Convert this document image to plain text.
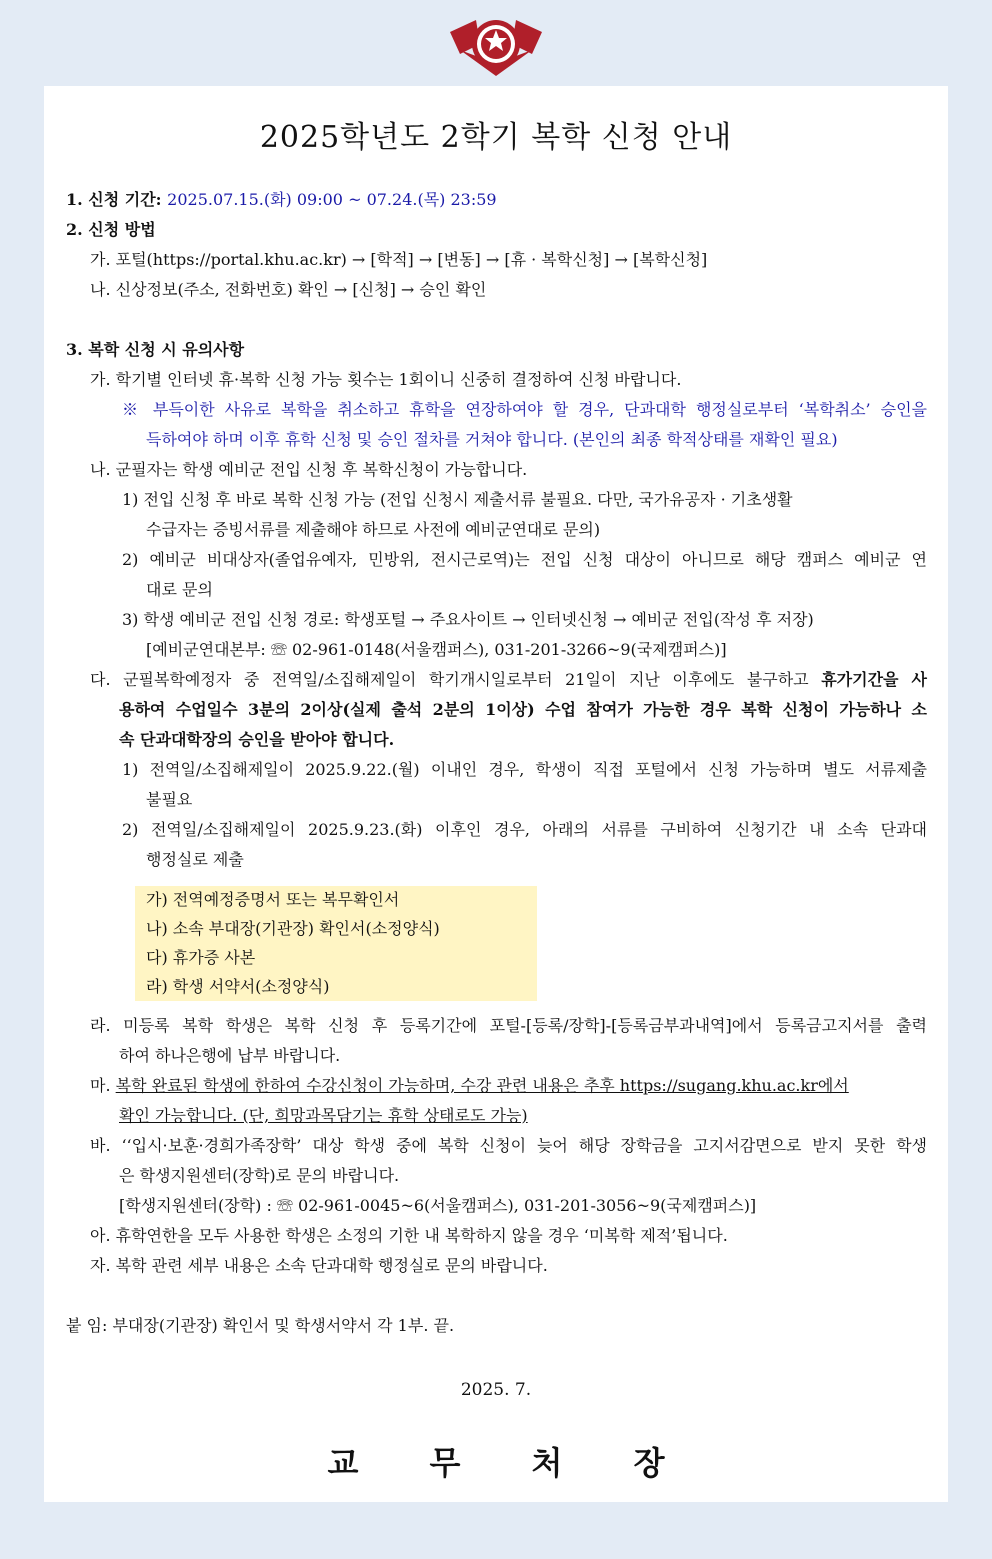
2025학년도 2학기 복학 신청 안내
1. 신청 기간: 2025.07.15.(화) 09:00 ~ 07.24.(목) 23:59
2. 신청 방법
가. 포털(https://portal.khu.ac.kr) → [학적] → [변동] → [휴 · 복학신청] → [복학신청]
나. 신상정보(주소, 전화번호) 확인 → [신청] → 승인 확인
3. 복학 신청 시 유의사항
가. 학기별 인터넷 휴·복학 신청 가능 횟수는 1회이니 신중히 결정하여 신청 바랍니다.
※ 부득이한 사유로 복학을 취소하고 휴학을 연장하여야 할 경우, 단과대학 행정실로부터 ‘복학취소’ 승인을
득하여야 하며 이후 휴학 신청 및 승인 절차를 거쳐야 합니다. (본인의 최종 학적상태를 재확인 필요)
나. 군필자는 학생 예비군 전입 신청 후 복학신청이 가능합니다.
1) 전입 신청 후 바로 복학 신청 가능 (전입 신청시 제출서류 불필요. 다만, 국가유공자 · 기초생활
수급자는 증빙서류를 제출해야 하므로 사전에 예비군연대로 문의)
2) 예비군 비대상자(졸업유예자, 민방위, 전시근로역)는 전입 신청 대상이 아니므로 해당 캠퍼스 예비군 연
대로 문의
3) 학생 예비군 전입 신청 경로: 학생포털 → 주요사이트 → 인터넷신청 → 예비군 전입(작성 후 저장)
[예비군연대본부: ☏ 02-961-0148(서울캠퍼스), 031-201-3266~9(국제캠퍼스)]
다. 군필복학예정자 중 전역일/소집해제일이 학기개시일로부터 21일이 지난 이후에도 불구하고 휴가기간을 사
용하여 수업일수 3분의 2이상(실제 출석 2분의 1이상) 수업 참여가 가능한 경우 복학 신청이 가능하나 소
속 단과대학장의 승인을 받아야 합니다.
1) 전역일/소집해제일이 2025.9.22.(월) 이내인 경우, 학생이 직접 포털에서 신청 가능하며 별도 서류제출
불필요
2) 전역일/소집해제일이 2025.9.23.(화) 이후인 경우, 아래의 서류를 구비하여 신청기간 내 소속 단과대
행정실로 제출
가) 전역예정증명서 또는 복무확인서
나) 소속 부대장(기관장) 확인서(소정양식)
다) 휴가증 사본
라) 학생 서약서(소정양식)
라. 미등록 복학 학생은 복학 신청 후 등록기간에 포털-[등록/장학]-[등록금부과내역]에서 등록금고지서를 출력
하여 하나은행에 납부 바랍니다.
마. 복학 완료된 학생에 한하여 수강신청이 가능하며, 수강 관련 내용은 추후 https://sugang.khu.ac.kr에서
확인 가능합니다. (단, 희망과목담기는 휴학 상태로도 가능)
바. ‘‘입시·보훈·경희가족장학’ 대상 학생 중에 복학 신청이 늦어 해당 장학금을 고지서감면으로 받지 못한 학생
은 학생지원센터(장학)로 문의 바랍니다.
[학생지원센터(장학) : ☏ 02-961-0045~6(서울캠퍼스), 031-201-3056~9(국제캠퍼스)]
아. 휴학연한을 모두 사용한 학생은 소정의 기한 내 복학하지 않을 경우 ‘미복학 제적’됩니다.
자. 복학 관련 세부 내용은 소속 단과대학 행정실로 문의 바랍니다.
붙 임: 부대장(기관장) 확인서 및 학생서약서 각 1부. 끝.
2025. 7.
교 무 처 장
